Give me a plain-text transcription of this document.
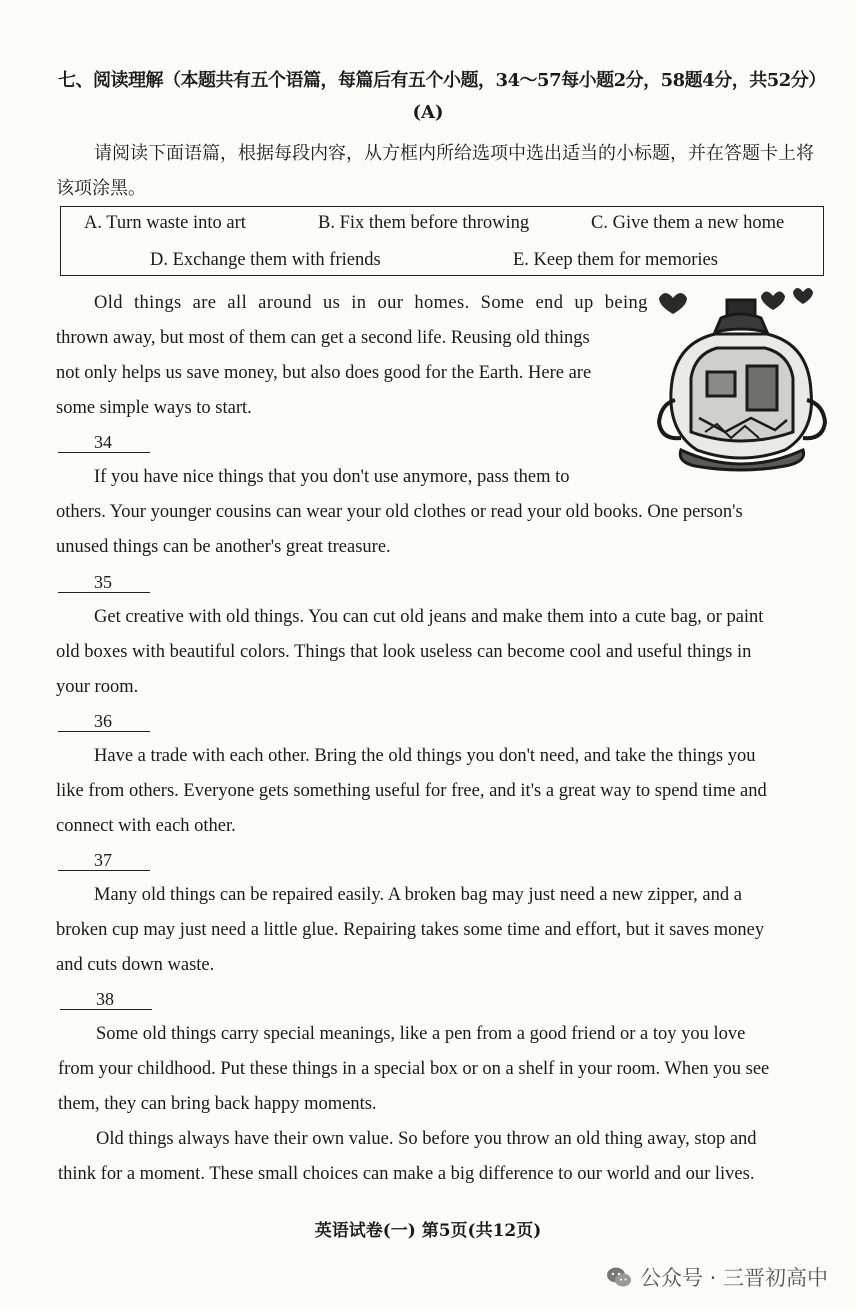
七、阅读理解（本题共有五个语篇，每篇后有五个小题，34～57每小题2分，58题4分，共52分）
(A)
请阅读下面语篇，根据每段内容，从方框内所给选项中选出适当的小标题，并在答题卡上将该项涂黑。
A. Turn waste into art	B. Fix them before throwing	C. Give them a new home
D. Exchange them with friends	E. Keep them for memories
Old things are all around us in our homes. Some end up being
thrown away, but most of them can get a second life. Reusing old things
not only helps us save money, but also does good for the Earth. Here are
some simple ways to start.
34
If you have nice things that you don't use anymore, pass them to
others. Your younger cousins can wear your old clothes or read your old books. One person's
unused things can be another's great treasure.
35
Get creative with old things. You can cut old jeans and make them into a cute bag, or paint
old boxes with beautiful colors. Things that look useless can become cool and useful things in
your room.
36
Have a trade with each other. Bring the old things you don't need, and take the things you
like from others. Everyone gets something useful for free, and it's a great way to spend time and
connect with each other.
37
Many old things can be repaired easily. A broken bag may just need a new zipper, and a
broken cup may just need a little glue. Repairing takes some time and effort, but it saves money
and cuts down waste.
38
Some old things carry special meanings, like a pen from a good friend or a toy you love
from your childhood. Put these things in a special box or on a shelf in your room. When you see
them, they can bring back happy moments.
Old things always have their own value. So before you throw an old thing away, stop and
think for a moment. These small choices can make a big difference to our world and our lives.
英语试卷(一) 第5页(共12页)
公众号 · 三晋初高中
